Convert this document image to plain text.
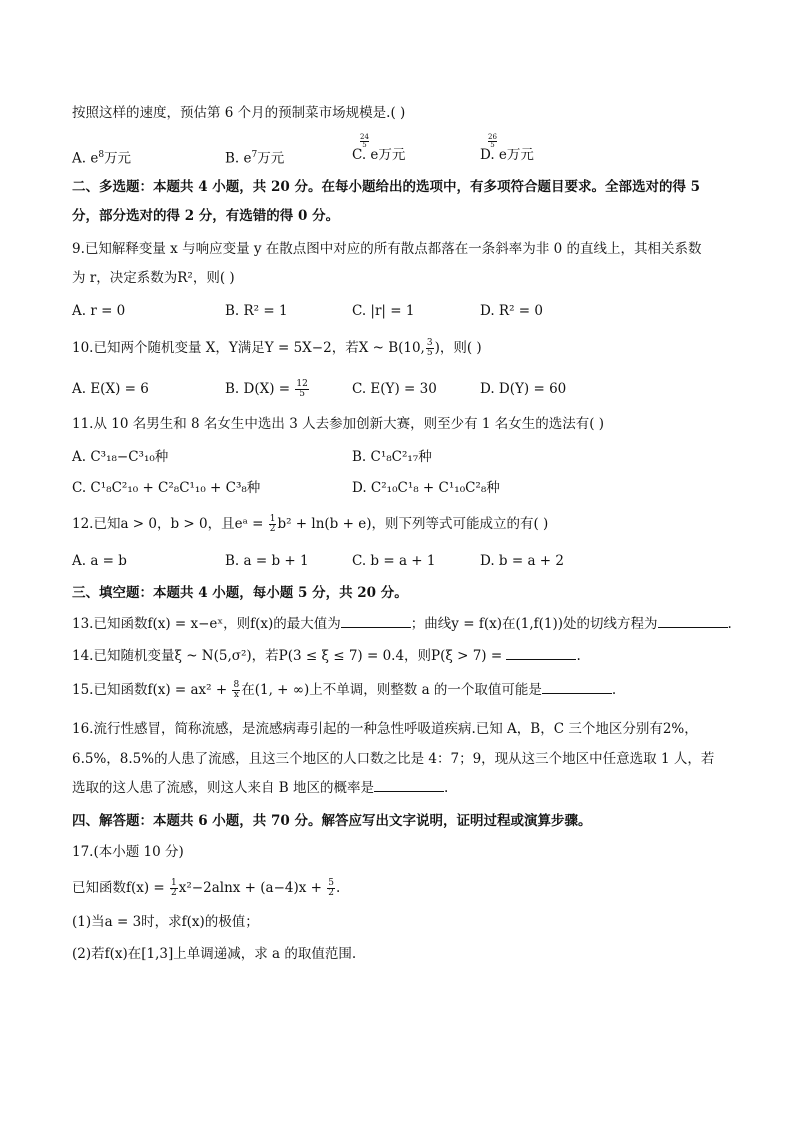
按照这样的速度，预估第 6 个月的预制菜市场规模是.( )
A. $e^8$万元	B. $e^7$万元	C. e
24
5
万元	D. e
26
5
万元
二、多选题：本题共 4 小题，共 20 分。在每小题给出的选项中，有多项符合题目要求。全部选对的得 5
分，部分选对的得 2 分，有选错的得 0 分。
9.已知解释变量 x 与响应变量 y 在散点图中对应的所有散点都落在一条斜率为非 0 的直线上，其相关系数
为 r，决定系数为R²，则( )
A. r = 0	B. R² = 1	C. |r| = 1	D. R² = 0
10.已知两个随机变量 X，Y满足Y = 5X−2，若X ~ B(10, $\frac{3}{5}$ )，则( )
A. E(X) = 6	B. $D(X) = \frac{12}{5}$	C. E(Y) = 30	D. D(Y) = 60
11.从 10 名男生和 8 名女生中选出 3 人去参加创新大赛，则至少有 1 名女生的选法有( )
A. C³₁₈−C³₁₀种	B. C¹₈C²₁₇种
C. C¹₈C²₁₀ + C²₈C¹₁₀ + C³₈种	D. C²₁₀C¹₈ + C¹₁₀C²₈种
12.已知a > 0，b > 0，且eᵃ = $\frac{1}{2} b^2 + \ln(b + e)$，则下列等式可能成立的有( )
A. a = b	B. a = b + 1	C. b = a + 1	D. b = a + 2
三、填空题：本题共 4 小题，每小题 5 分，共 20 分。
13.已知函数f(x) = x−eˣ，则f(x)的最大值为	；曲线y = f(x)在(1,f(1))处的切线方程为	.
14.已知随机变量ξ ~ N(5,σ²)，若P(3 ≤ ξ ≤ 7) = 0.4，则P(ξ > 7) =	.
15.已知函数$f(x) = ax^2 + \frac{8}{x}$ 在(1, + ∞)上不单调，则整数 a 的一个取值可能是	.
16.流行性感冒，简称流感，是流感病毒引起的一种急性呼吸道疾病.已知 A，B，C 三个地区分别有2%，
6.5%，8.5%的人患了流感，且这三个地区的人口数之比是 4：7；9，现从这三个地区中任意选取 1 人，若
选取的这人患了流感，则这人来自 B 地区的概率是	.
四、解答题：本题共 6 小题，共 70 分。解答应写出文字说明，证明过程或演算步骤。
17.(本小题 10 分)
已知函数$f(x) = \frac{1}{2} x^2-2alnx + (a-4)x + \frac{5}{2}$ .
(1)当a = 3时，求f(x)的极值；
(2)若f(x)在[1,3]上单调递减，求 a 的取值范围.
